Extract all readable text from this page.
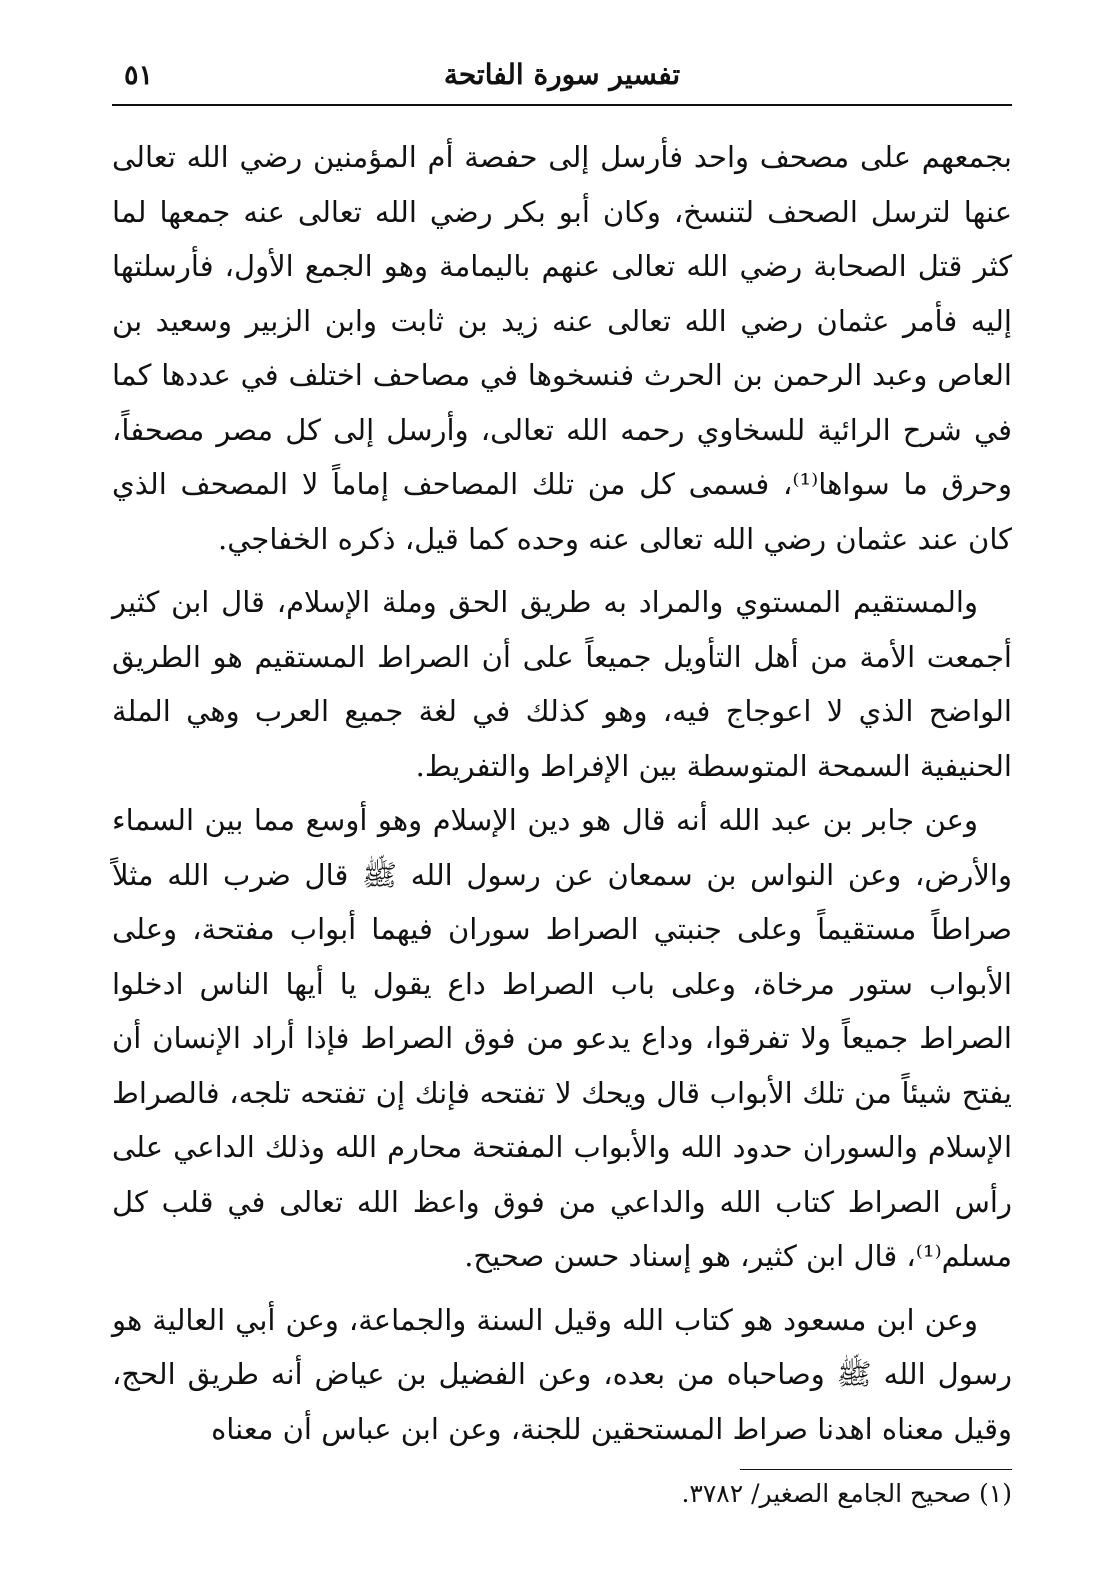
٥١	تفسير سورة الفاتحة

بجمعهم على مصحف واحد فأرسل إلى حفصة أم المؤمنين رضي الله تعالى عنها لترسل الصحف لتنسخ، وكان أبو بكر رضي الله تعالى عنه جمعها لما كثر قتل الصحابة رضي الله تعالى عنهم باليمامة وهو الجمع الأول، فأرسلتها إليه فأمر عثمان رضي الله تعالى عنه زيد بن ثابت وابن الزبير وسعيد بن العاص وعبد الرحمن بن الحرث فنسخوها في مصاحف اختلف في عددها كما في شرح الرائية للسخاوي رحمه الله تعالى، وأرسل إلى كل مصر مصحفاً، وحرق ما سواها⁽¹⁾، فسمى كل من تلك المصاحف إماماً لا المصحف الذي كان عند عثمان رضي الله تعالى عنه وحده كما قيل، ذكره الخفاجي.

والمستقيم المستوي والمراد به طريق الحق وملة الإسلام، قال ابن كثير أجمعت الأمة من أهل التأويل جميعاً على أن الصراط المستقيم هو الطريق الواضح الذي لا اعوجاج فيه، وهو كذلك في لغة جميع العرب وهي الملة الحنيفية السمحة المتوسطة بين الإفراط والتفريط.

وعن جابر بن عبد الله أنه قال هو دين الإسلام وهو أوسع مما بين السماء والأرض، وعن النواس بن سمعان عن رسول الله ﷺ قال ضرب الله مثلاً صراطاً مستقيماً وعلى جنبتي الصراط سوران فيهما أبواب مفتحة، وعلى الأبواب ستور مرخاة، وعلى باب الصراط داع يقول يا أيها الناس ادخلوا الصراط جميعاً ولا تفرقوا، وداع يدعو من فوق الصراط فإذا أراد الإنسان أن يفتح شيئاً من تلك الأبواب قال ويحك لا تفتحه فإنك إن تفتحه تلجه، فالصراط الإسلام والسوران حدود الله والأبواب المفتحة محارم الله وذلك الداعي على رأس الصراط كتاب الله والداعي من فوق واعظ الله تعالى في قلب كل مسلم⁽¹⁾، قال ابن كثير، هو إسناد حسن صحيح.

وعن ابن مسعود هو كتاب الله وقيل السنة والجماعة، وعن أبي العالية هو رسول الله ﷺ وصاحباه من بعده، وعن الفضيل بن عياض أنه طريق الحج، وقيل معناه اهدنا صراط المستحقين للجنة، وعن ابن عباس أن معناه

(١) صحيح الجامع الصغير/ ٣٧٨٢.
